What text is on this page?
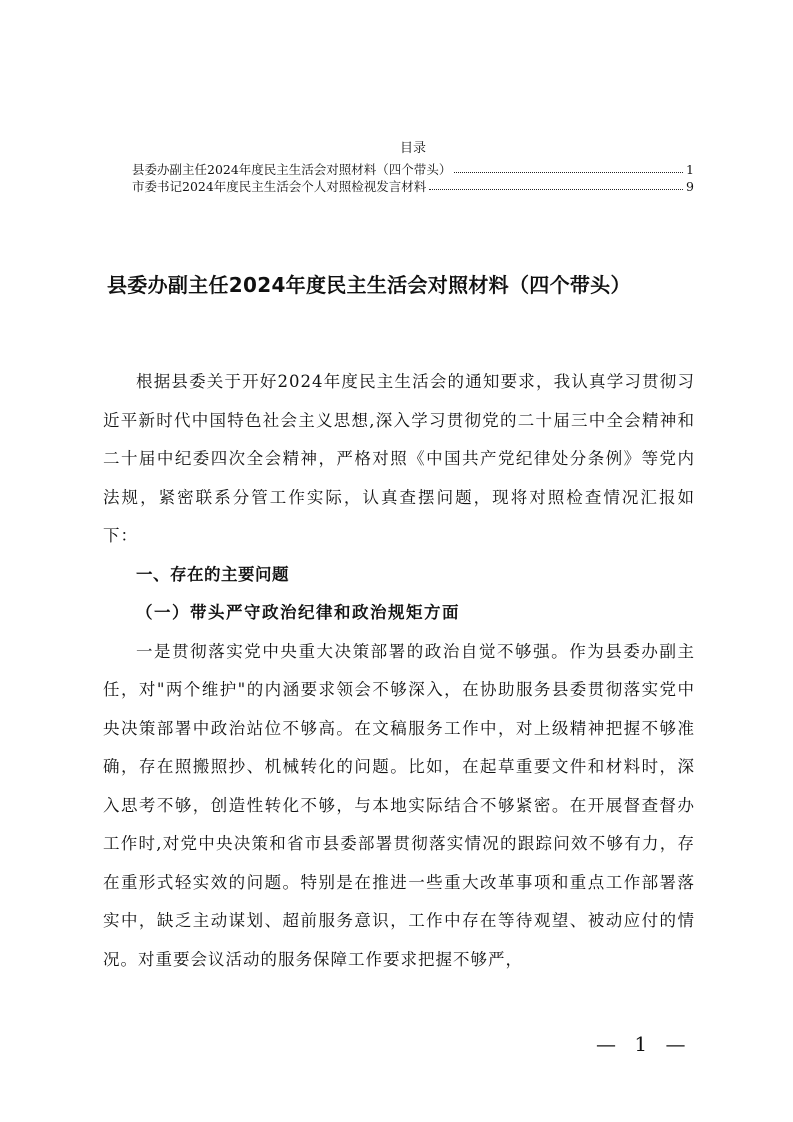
目录
县委办副主任2024年度民主生活会对照材料（四个带头）	1
市委书记2024年度民主生活会个人对照检视发言材料	9
县委办副主任2024年度民主生活会对照材料（四个带头）

根据县委关于开好2024年度民主生活会的通知要求，我认真学习贯彻习近平新时代中国特色社会主义思想,深入学习贯彻党的二十届三中全会精神和二十届中纪委四次全会精神，严格对照《中国共产党纪律处分条例》等党内法规，紧密联系分管工作实际，认真查摆问题，现将对照检查情况汇报如下：

一、存在的主要问题

（一）带头严守政治纪律和政治规矩方面

一是贯彻落实党中央重大决策部署的政治自觉不够强。作为县委办副主任，对"两个维护"的内涵要求领会不够深入，在协助服务县委贯彻落实党中央决策部署中政治站位不够高。在文稿服务工作中，对上级精神把握不够准确，存在照搬照抄、机械转化的问题。比如，在起草重要文件和材料时，深入思考不够，创造性转化不够，与本地实际结合不够紧密。在开展督查督办工作时,对党中央决策和省市县委部署贯彻落实情况的跟踪问效不够有力，存在重形式轻实效的问题。特别是在推进一些重大改革事项和重点工作部署落实中，缺乏主动谋划、超前服务意识，工作中存在等待观望、被动应付的情况。对重要会议活动的服务保障工作要求把握不够严，

— 1 —
